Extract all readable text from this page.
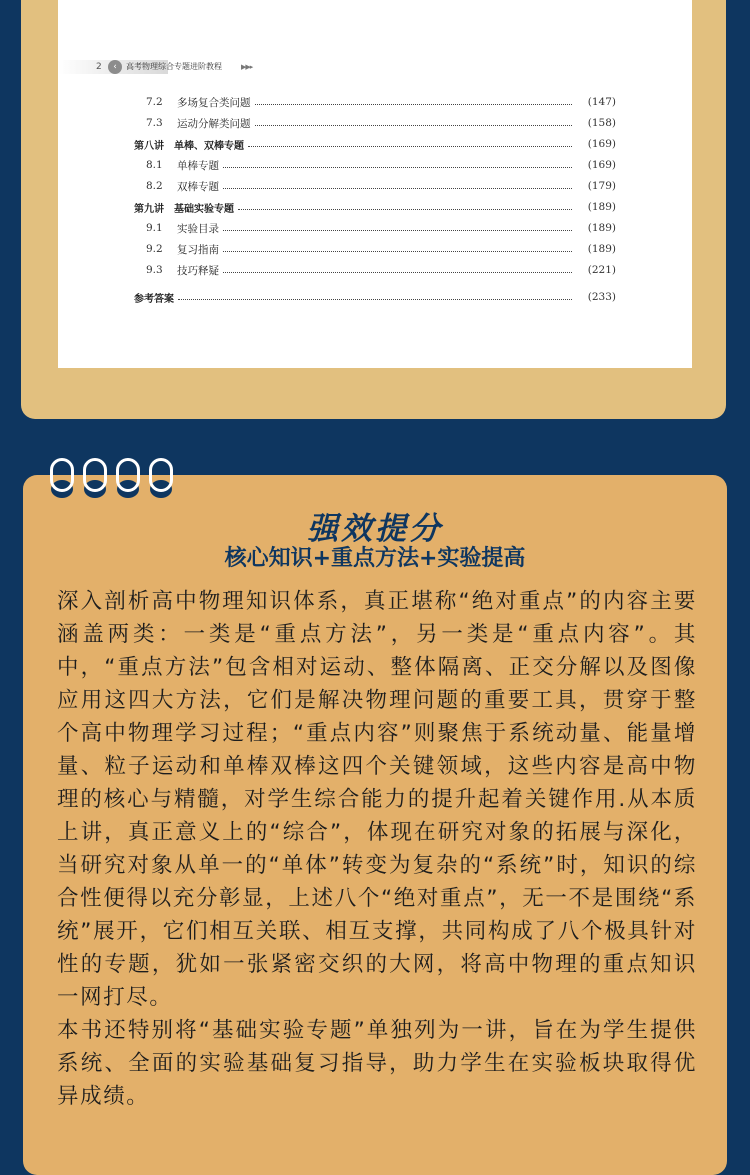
2	‹	高考物理综合专题进阶教程	▶▶▸
7.2	多场复合类问题	(147)
7.3	运动分解类问题	(158)
第八讲　单棒、双棒专题	(169)
8.1	单棒专题	(169)
8.2	双棒专题	(179)
第九讲　基础实验专题	(189)
9.1	实验目录	(189)
9.2	复习指南	(189)
9.3	技巧释疑	(221)
参考答案	(233)
强效提分
核心知识+重点方法+实验提高

深入剖析高中物理知识体系，真正堪称“绝对重点”的内容主要涵盖两类：一类是“重点方法”，另一类是“重点内容”。其中，“重点方法”包含相对运动、整体隔离、正交分解以及图像应用这四大方法，它们是解决物理问题的重要工具，贯穿于整个高中物理学习过程；“重点内容”则聚焦于系统动量、能量增量、粒子运动和单棒双棒这四个关键领域，这些内容是高中物理的核心与精髓，对学生综合能力的提升起着关键作用.从本质上讲，真正意义上的“综合”，体现在研究对象的拓展与深化，当研究对象从单一的“单体”转变为复杂的“系统”时，知识的综合性便得以充分彰显，上述八个“绝对重点”，无一不是围绕“系统”展开，它们相互关联、相互支撑，共同构成了八个极具针对性的专题，犹如一张紧密交织的大网，将高中物理的重点知识一网打尽。

本书还特别将“基础实验专题”单独列为一讲，旨在为学生提供系统、全面的实验基础复习指导，助力学生在实验板块取得优异成绩。
